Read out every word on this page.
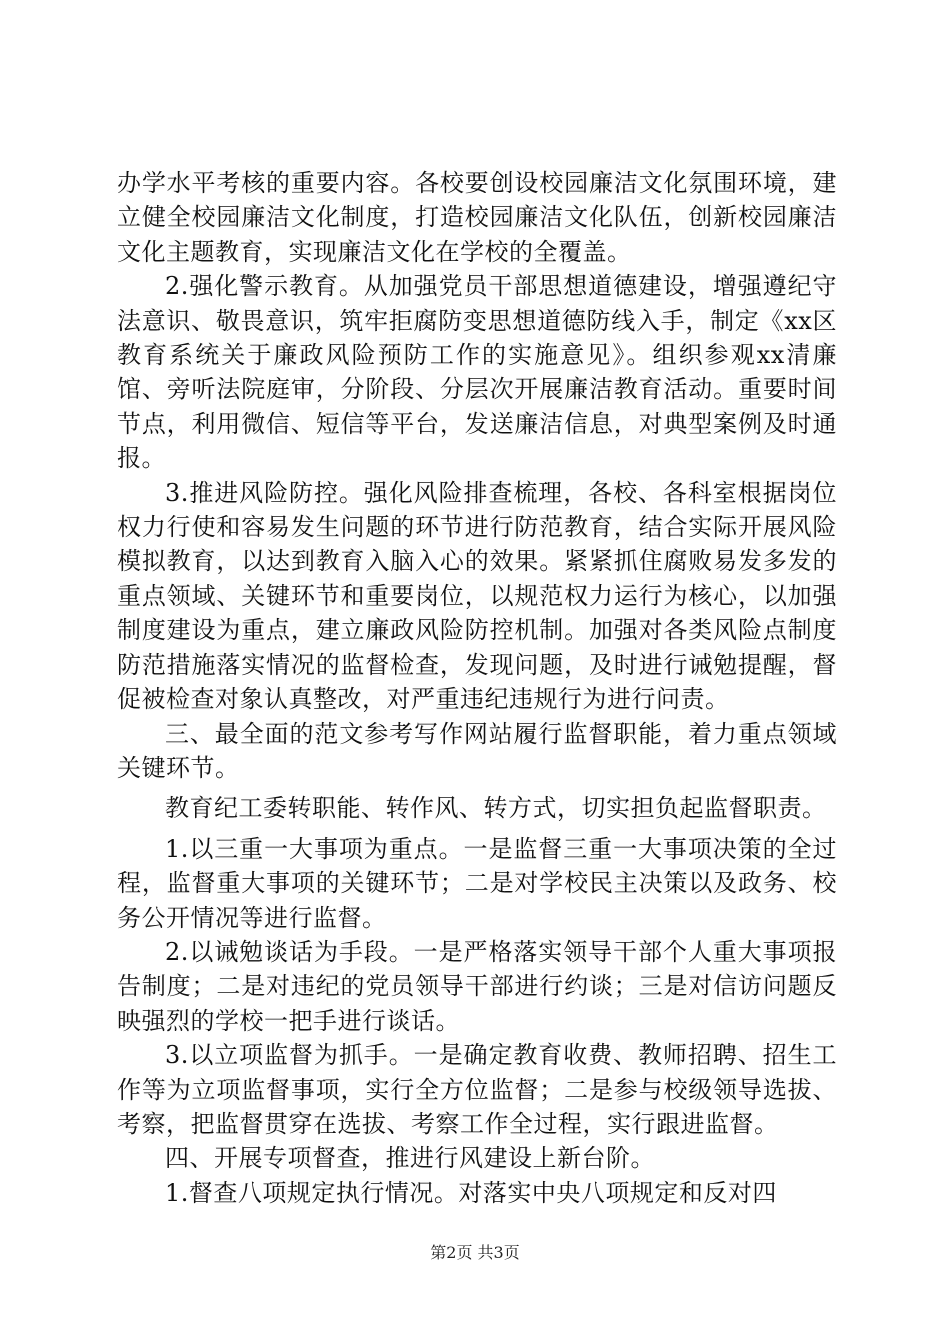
办学水平考核的重要内容。各校要创设校园廉洁文化氛围环境，建立健全校园廉洁文化制度，打造校园廉洁文化队伍，创新校园廉洁文化主题教育，实现廉洁文化在学校的全覆盖。

2.强化警示教育。从加强党员干部思想道德建设，增强遵纪守法意识、敬畏意识，筑牢拒腐防变思想道德防线入手，制定《xx区教育系统关于廉政风险预防工作的实施意见》。组织参观xx清廉馆、旁听法院庭审，分阶段、分层次开展廉洁教育活动。重要时间节点，利用微信、短信等平台，发送廉洁信息，对典型案例及时通报。

3.推进风险防控。强化风险排查梳理，各校、各科室根据岗位权力行使和容易发生问题的环节进行防范教育，结合实际开展风险模拟教育，以达到教育入脑入心的效果。紧紧抓住腐败易发多发的重点领域、关键环节和重要岗位，以规范权力运行为核心，以加强制度建设为重点，建立廉政风险防控机制。加强对各类风险点制度防范措施落实情况的监督检查，发现问题，及时进行诫勉提醒，督促被检查对象认真整改，对严重违纪违规行为进行问责。

三、最全面的范文参考写作网站履行监督职能，着力重点领域关键环节。

教育纪工委转职能、转作风、转方式，切实担负起监督职责。

1.以三重一大事项为重点。一是监督三重一大事项决策的全过程，监督重大事项的关键环节；二是对学校民主决策以及政务、校务公开情况等进行监督。

2.以诫勉谈话为手段。一是严格落实领导干部个人重大事项报告制度；二是对违纪的党员领导干部进行约谈；三是对信访问题反映强烈的学校一把手进行谈话。

3.以立项监督为抓手。一是确定教育收费、教师招聘、招生工作等为立项监督事项，实行全方位监督；二是参与校级领导选拔、考察，把监督贯穿在选拔、考察工作全过程，实行跟进监督。

四、开展专项督查，推进行风建设上新台阶。

1.督查八项规定执行情况。对落实中央八项规定和反对四

第2页 共3页
